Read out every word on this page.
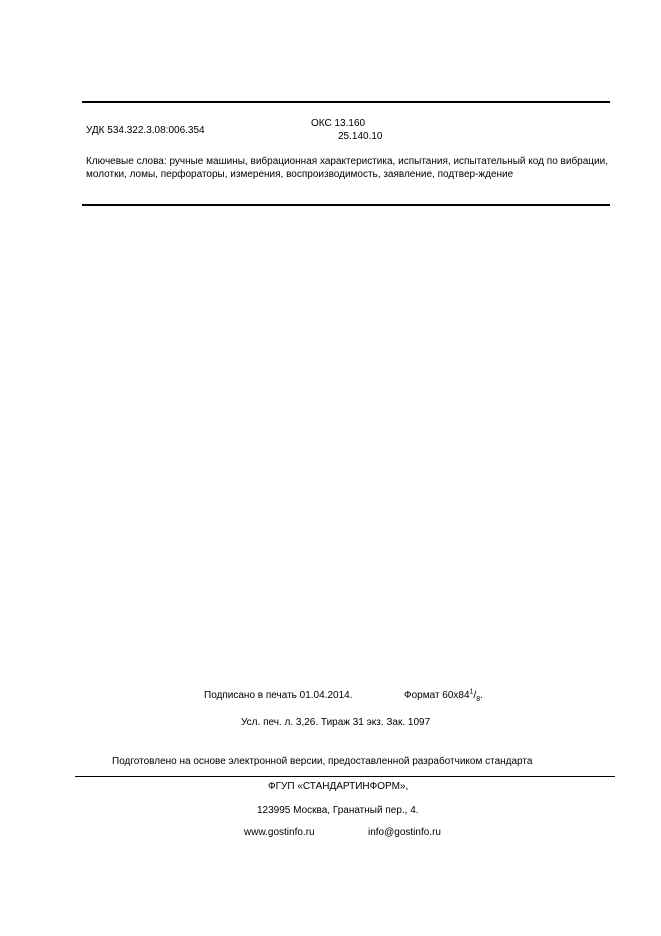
УДК 534.322.3.08:006.354
ОКС 13.160
25.140.10
Ключевые слова: ручные машины, вибрационная характеристика, испытания, испытательный код по вибрации, молотки, ломы, перфораторы, измерения, воспроизводимость, заявление, подтвер-ждение
Подписано в печать 01.04.2014.	Формат $60х84^1/_8$.
Усл. печ. л. 3,26. Тираж 31 экз. Зак. 1097
Подготовлено на основе электронной версии, предоставленной разработчиком стандарта
ФГУП «СТАНДАРТИНФОРМ»,
123995 Москва, Гранатный пер., 4.
www.gostinfo.ru	info@gostinfo.ru
